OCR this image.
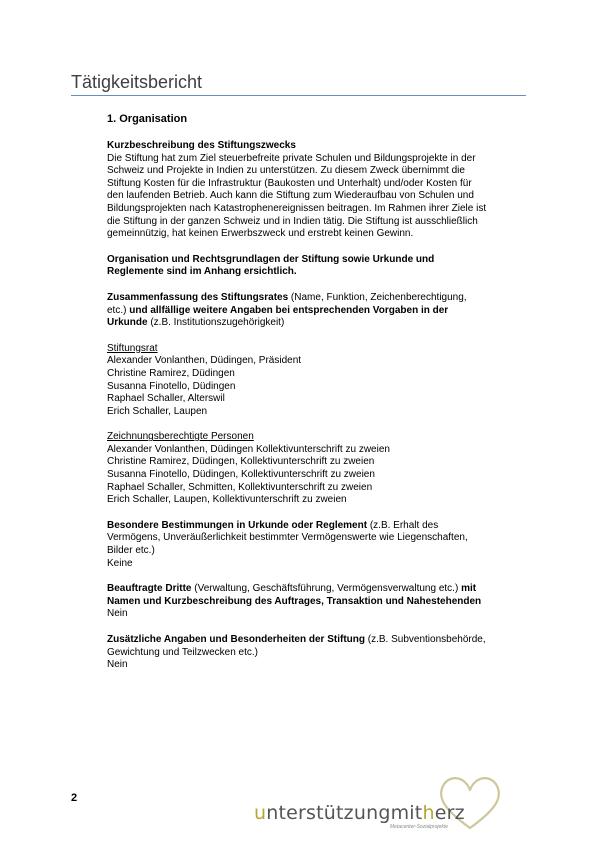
Tätigkeitsbericht
1. Organisation
Kurzbeschreibung des Stiftungszwecks
Die Stiftung hat zum Ziel steuerbefreite private Schulen und Bildungsprojekte in der
Schweiz und Projekte in Indien zu unterstützen. Zu diesem Zweck übernimmt die
Stiftung Kosten für die Infrastruktur (Baukosten und Unterhalt) und/oder Kosten für
den laufenden Betrieb. Auch kann die Stiftung zum Wiederaufbau von Schulen und
Bildungsprojekten nach Katastrophenereignissen beitragen. Im Rahmen ihrer Ziele ist
die Stiftung in der ganzen Schweiz und in Indien tätig. Die Stiftung ist ausschließlich
gemeinnützig, hat keinen Erwerbszweck und erstrebt keinen Gewinn.
Organisation und Rechtsgrundlagen der Stiftung sowie Urkunde und
Reglemente sind im Anhang ersichtlich.
Zusammenfassung des Stiftungsrates (Name, Funktion, Zeichenberechtigung,
etc.) und allfällige weitere Angaben bei entsprechenden Vorgaben in der
Urkunde (z.B. Institutionszugehörigkeit)
Stiftungsrat
Alexander Vonlanthen, Düdingen, Präsident
Christine Ramirez, Düdingen
Susanna Finotello, Düdingen
Raphael Schaller, Alterswil
Erich Schaller, Laupen
Zeichnungsberechtigte Personen
Alexander Vonlanthen, Düdingen Kollektivunterschrift zu zweien
Christine Ramirez, Düdingen, Kollektivunterschrift zu zweien
Susanna Finotello, Düdingen, Kollektivunterschrift zu zweien
Raphael Schaller, Schmitten, Kollektivunterschrift zu zweien
Erich Schaller, Laupen, Kollektivunterschrift zu zweien
Besondere Bestimmungen in Urkunde oder Reglement (z.B. Erhalt des
Vermögens, Unveräußerlichkeit bestimmter Vermögenswerte wie Liegenschaften,
Bilder etc.)
Keine
Beauftragte Dritte (Verwaltung, Geschäftsführung, Vermögensverwaltung etc.) mit
Namen und Kurzbeschreibung des Auftrages, Transaktion und Nahestehenden
Nein
Zusätzliche Angaben und Besonderheiten der Stiftung (z.B. Subventionsbehörde,
Gewichtung und Teilzwecken etc.)
Nein
2
unterstützungmitherz
Metacenter-Sozialprojekte
